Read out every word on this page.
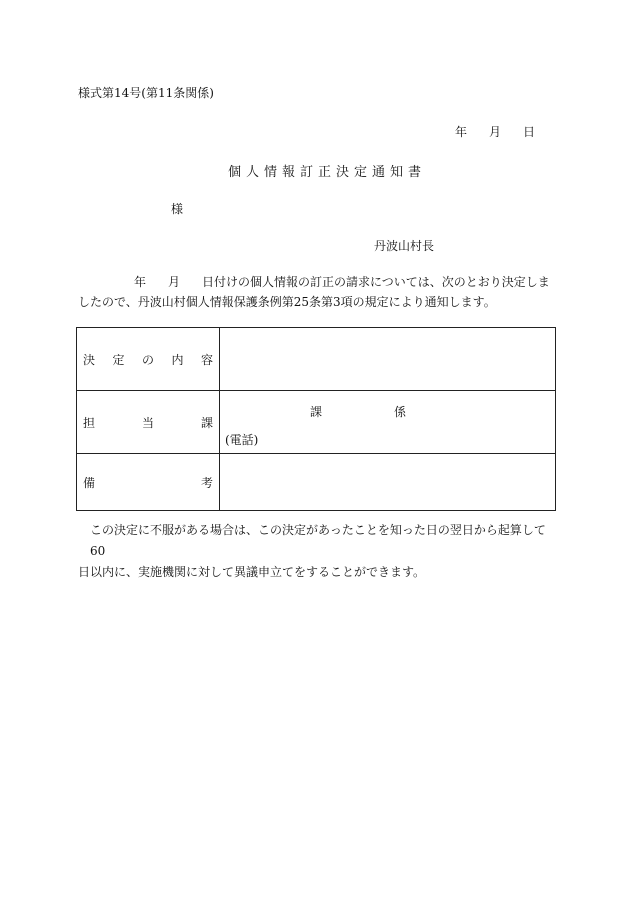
様式第14号(第11条関係)
年 月 日
個人情報訂正決定通知書
様
丹波山村長
年 月 日付けの個人情報の訂正の請求については、次のとおり決定しま
したので、丹波山村個人情報保護条例第25条第3項の規定により通知します。
決 定 の 内 容	

担 当 課	課 係
(電話)

備 考	

この決定に不服がある場合は、この決定があったことを知った日の翌日から起算して60
日以内に、実施機関に対して異議申立てをすることができます。
